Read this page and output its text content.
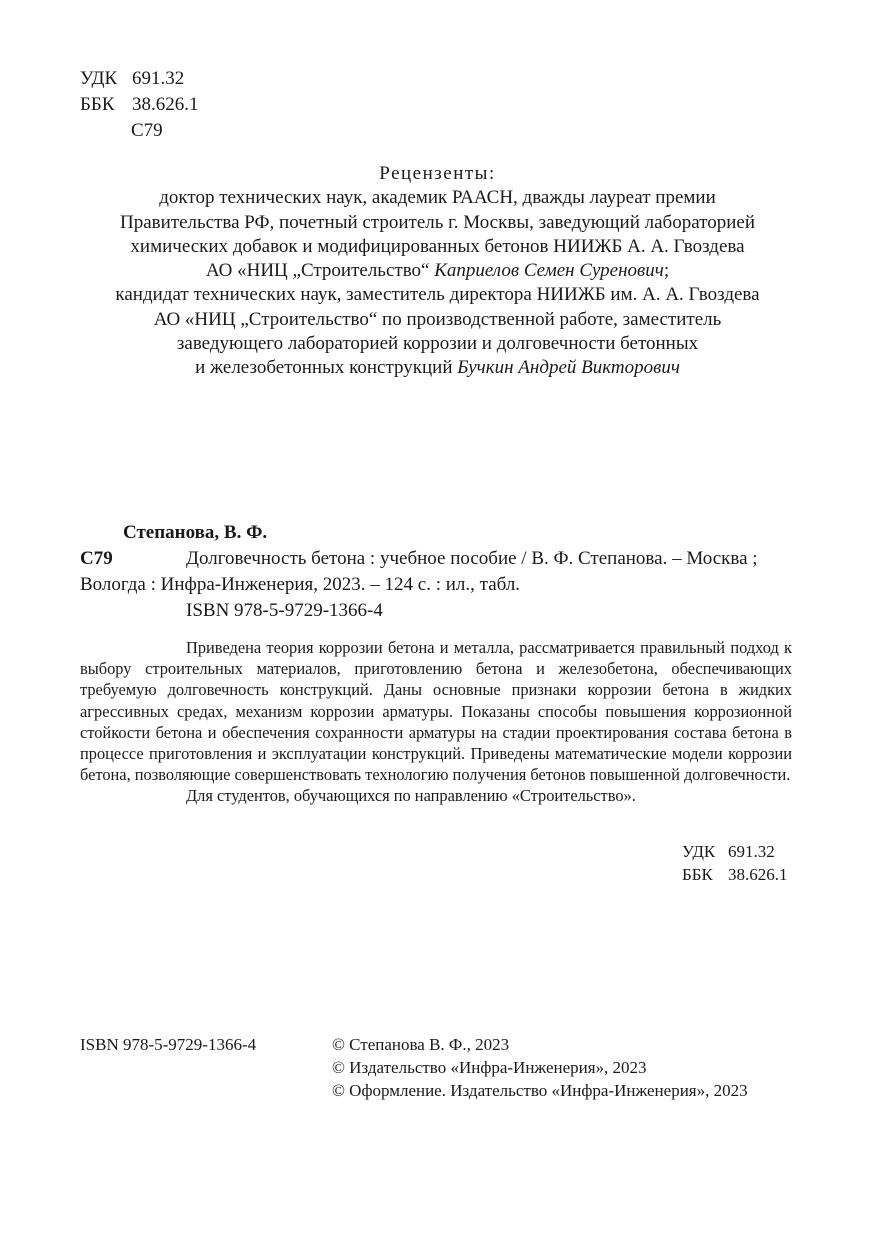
УДК 691.32
ББК 38.626.1
С79
Рецензенты:
доктор технических наук, академик РААСН, дважды лауреат премии
Правительства РФ, почетный строитель г. Москвы, заведующий лабораторией
химических добавок и модифицированных бетонов НИИЖБ А. А. Гвоздева
АО «НИЦ „Строительство“ Каприелов Семен Суренович;
кандидат технических наук, заместитель директора НИИЖБ им. А. А. Гвоздева
АО «НИЦ „Строительство“ по производственной работе, заместитель
заведующего лабораторией коррозии и долговечности бетонных
и железобетонных конструкций Бучкин Андрей Викторович
Степанова, В. Ф.
С79	Долговечность бетона : учебное пособие / В. Ф. Степанова. – Москва ;
Вологда : Инфра-Инженерия, 2023. – 124 с. : ил., табл.
ISBN 978-5-9729-1366-4

Приведена теория коррозии бетона и металла, рассматривается правильный подход к выбору строительных материалов, приготовлению бетона и железобетона, обеспечивающих требуемую долговечность конструкций. Даны основные признаки коррозии бетона в жидких агрессивных средах, механизм коррозии арматуры. Показаны способы повышения коррозионной стойкости бетона и обеспечения сохранности арматуры на стадии проектирования состава бетона в процессе приготовления и эксплуатации конструкций. Приведены математические модели коррозии бетона, позволяющие совершенствовать технологию получения бетонов повышенной долговечности.

Для студентов, обучающихся по направлению «Строительство».

УДК 691.32
ББК 38.626.1
ISBN 978-5-9729-1366-4	© Степанова В. Ф., 2023
© Издательство «Инфра-Инженерия», 2023
© Оформление. Издательство «Инфра-Инженерия», 2023
